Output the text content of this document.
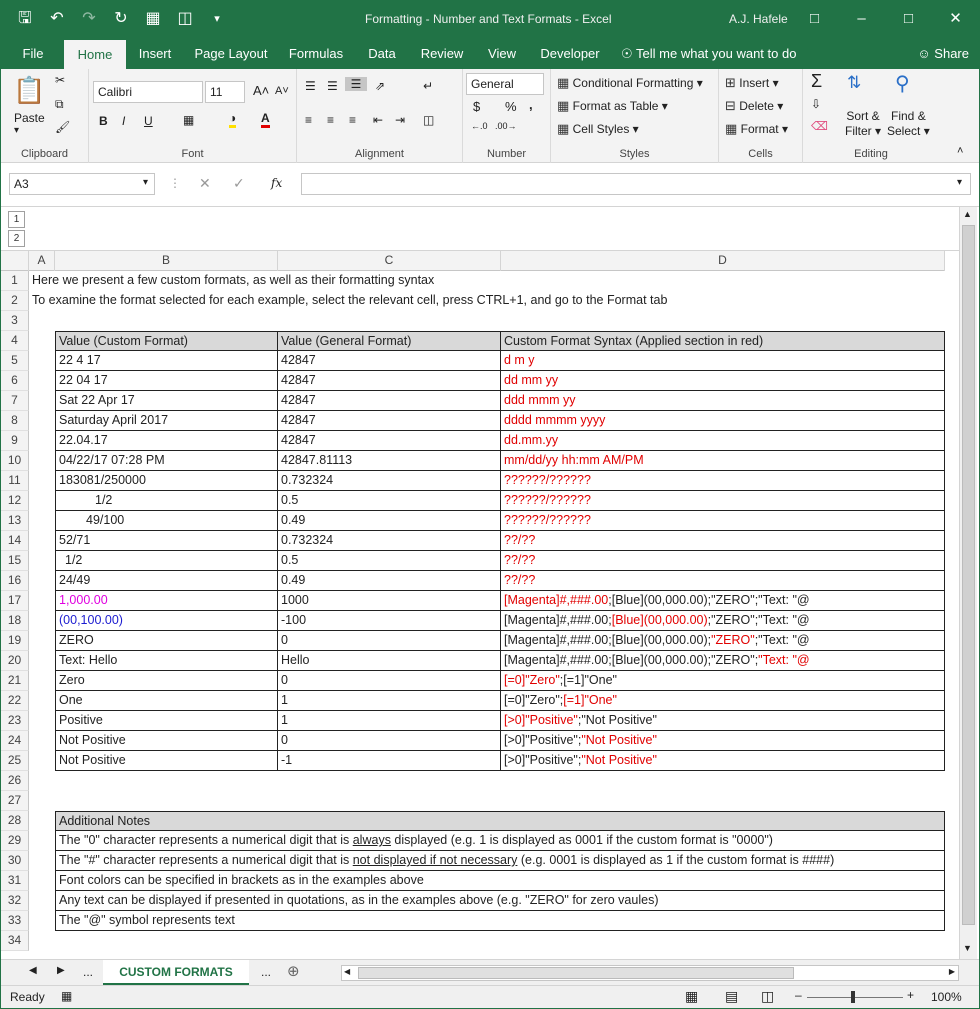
🖫 ↶ ↷ ↻ ▦ ◫	▾	Formatting - Number and Text Formats - Excel	A.J. Hafele	□	–	□	✕
File	Home	Insert	Page Layout	Formulas	Data	Review	View	Developer	☉ Tell me what you want to do	☺ Share
📋
Paste
▾
✂
⧉
🖌
Clipboard
Calibri	11	A˄ A˅
B I U	▦	◑ A
Font
☰ ☰	☰	⇗	↵
≡ ≡ ≡ ⇤ ⇥ ◫
Alignment
General
$ % ,
←.0 .00→
Number
▦ Conditional Formatting ▾
▦ Format as Table ▾
▦ Cell Styles ▾
Styles
⊞ Insert ▾
⊟ Delete ▾
▦ Format ▾
Cells
Σ
⇩
⌫
⇅
Sort &
Filter ▾
⚲
Find &
Select ▾
Editing	˄
A3	▾ ⋮ ✕ ✓ fx	▾
1
2
A	B	C	D
1	Here we present a few custom formats, as well as their formatting syntax
2	To examine the format selected for each example, select the relevant cell, press CTRL+1, and go to the Format tab
3
4	Value (Custom Format)	Value (General Format)	Custom Format Syntax (Applied section in red)
5	22 4 17	42847	d m y
6	22 04 17	42847	dd mm yy
7	Sat 22 Apr 17	42847	ddd mmm yy
8	Saturday April 2017	42847	dddd mmmm yyyy
9	22.04.17	42847	dd.mm.yy
10	04/22/17 07:28 PM	42847.81113	mm/dd/yy hh:mm AM/PM
11	183081/250000	0.732324	??????/??????
12	1/2	0.5	??????/??????
13	49/100	0.49	??????/??????
14	52/71	0.732324	??/??
15	1/2	0.5	??/??
16	24/49	0.49	??/??
17	1,000.00	1000	[Magenta]#,###.00;[Blue](00,000.00);"ZERO";"Text: "@
18	(00,100.00)	-100	[Magenta]#,###.00;[Blue](00,000.00);"ZERO";"Text: "@
19	ZERO	0	[Magenta]#,###.00;[Blue](00,000.00);"ZERO";"Text: "@
20	Text: Hello	Hello	[Magenta]#,###.00;[Blue](00,000.00);"ZERO";"Text: "@
21	Zero	0	[=0]"Zero";[=1]"One"
22	One	1	[=0]"Zero";[=1]"One"
23	Positive	1	[>0]"Positive";"Not Positive"
24	Not Positive	0	[>0]"Positive";"Not Positive"
25	Not Positive	-1	[>0]"Positive";"Not Positive"
26
27
28	Additional Notes
29	The "0" character represents a numerical digit that is always displayed (e.g. 1 is displayed as 0001 if the custom format is "0000")
30	The "#" character represents a numerical digit that is not displayed if not necessary (e.g. 0001 is displayed as 1 if the custom format is ####)
31	Font colors can be specified in brackets as in the examples above
32	Any text can be displayed if presented in quotations, as in the examples above (e.g. "ZERO" for zero vaules)
33	The "@" symbol represents text
34
▲
▼
◀ ▶ ...	CUSTOM FORMATS	... ⊕	◀	▶
Ready ▦	▦ ▤ ◫ –	+ 100%
